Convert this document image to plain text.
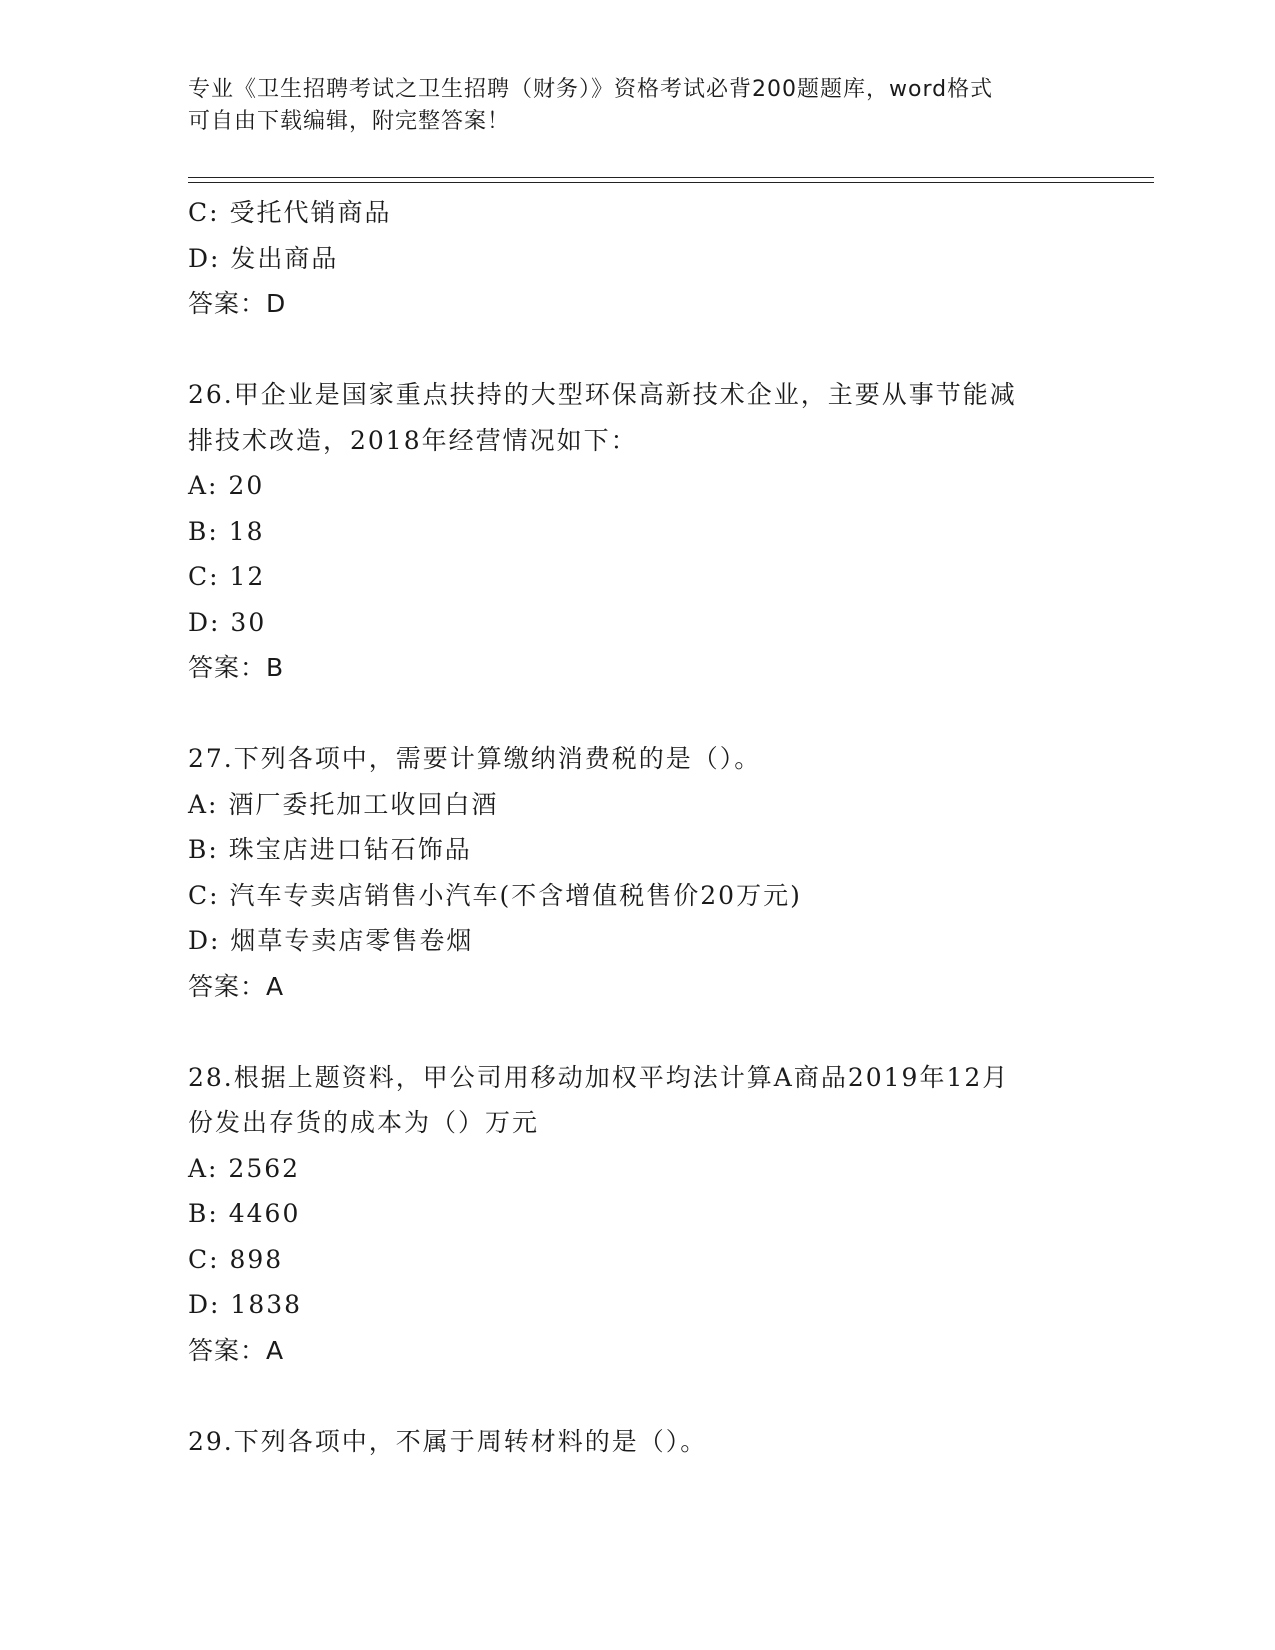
专业《卫生招聘考试之卫生招聘（财务）》资格考试必背200题题库，word格式
可自由下载编辑，附完整答案！
C: 受托代销商品
D: 发出商品
答案：D
26.甲企业是国家重点扶持的大型环保高新技术企业，主要从事节能减
排技术改造，2018年经营情况如下：
A: 20
B: 18
C: 12
D: 30
答案：B
27.下列各项中，需要计算缴纳消费税的是（）。
A: 酒厂委托加工收回白酒
B: 珠宝店进口钻石饰品
C: 汽车专卖店销售小汽车(不含增值税售价20万元)
D: 烟草专卖店零售卷烟
答案：A
28.根据上题资料，甲公司用移动加权平均法计算A商品2019年12月
份发出存货的成本为（）万元
A: 2562
B: 4460
C: 898
D: 1838
答案：A
29.下列各项中，不属于周转材料的是（）。
